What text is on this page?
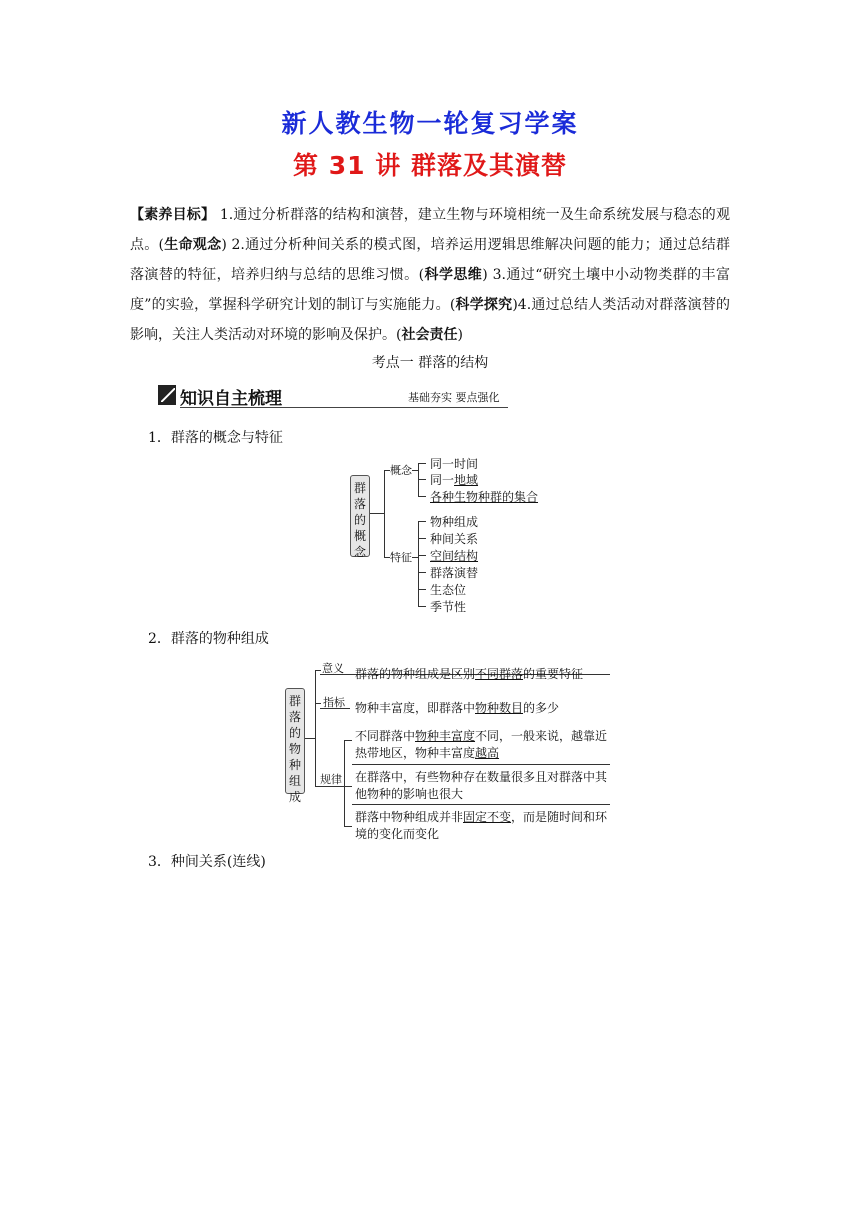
新人教生物一轮复习学案
第 31 讲 群落及其演替
【素养目标】 1.通过分析群落的结构和演替，建立生物与环境相统一及生命系统发展与稳态的观点。(生命观念) 2.通过分析种间关系的模式图，培养运用逻辑思维解决问题的能力；通过总结群落演替的特征，培养归纳与总结的思维习惯。(科学思维) 3.通过“研究土壤中小动物类群的丰富度”的实验，掌握科学研究计划的制订与实施能力。(科学探究)4.通过总结人类活动对群落演替的影响，关注人类活动对环境的影响及保护。(社会责任)
考点一 群落的结构
知识自主梳理	基础夯实 要点强化
1．群落的概念与特征
群落的概念
概念
特征
同一时间
同一地域
各种生物种群的集合
物种组成
种间关系
空间结构
群落演替
生态位
季节性
2．群落的物种组成
群落的物种组成
意义 群落的物种组成是区别不同群落的重要特征
指标 物种丰富度，即群落中物种数目的多少
规律
不同群落中物种丰富度不同，一般来说，越靠近热带地区，物种丰富度越高
在群落中，有些物种存在数量很多且对群落中其他物种的影响也很大
群落中物种组成并非固定不变，而是随时间和环境的变化而变化
3．种间关系(连线)
